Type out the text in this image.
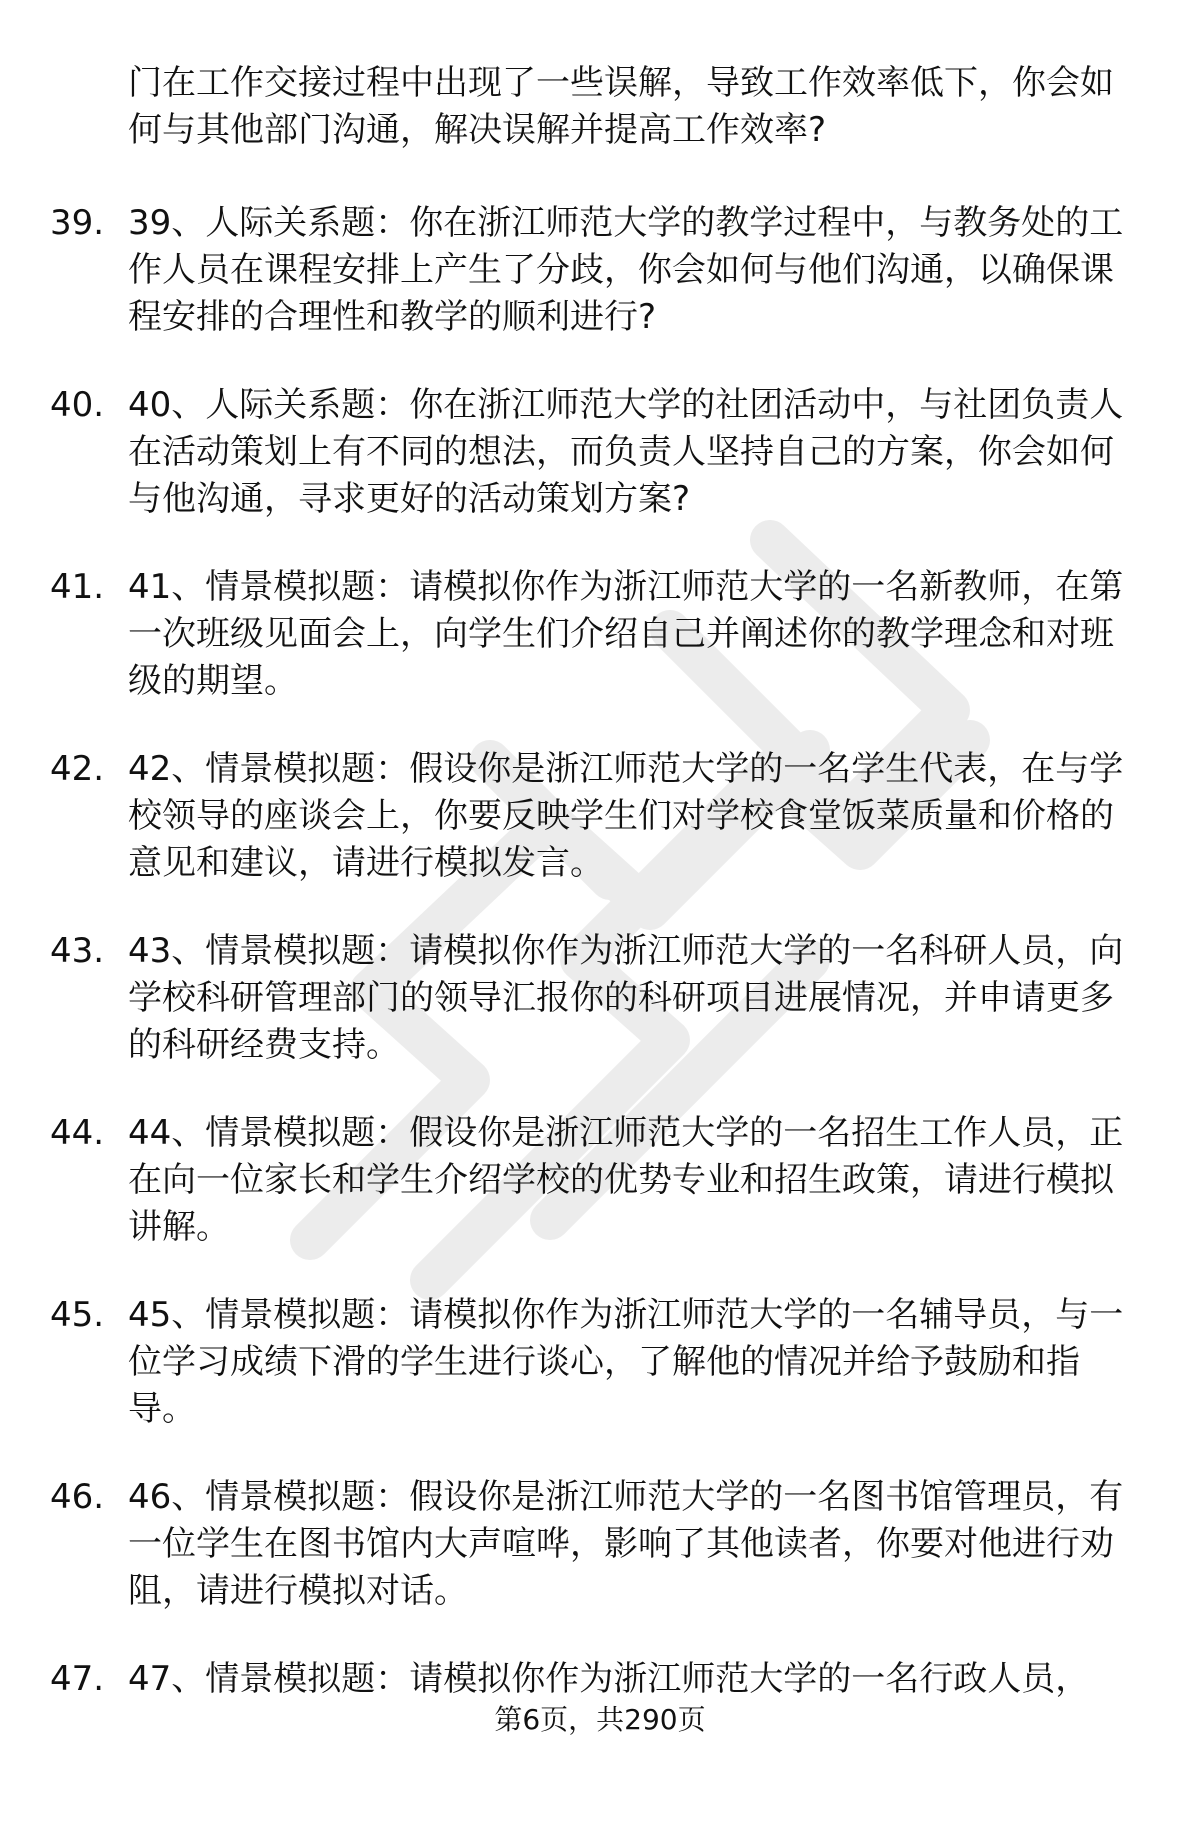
门在工作交接过程中出现了一些误解，导致工作效率低下，你会如何与其他部门沟通，解决误解并提高工作效率?
39. 39、人际关系题：你在浙江师范大学的教学过程中，与教务处的工作人员在课程安排上产生了分歧，你会如何与他们沟通，以确保课程安排的合理性和教学的顺利进行?
40. 40、人际关系题：你在浙江师范大学的社团活动中，与社团负责人在活动策划上有不同的想法，而负责人坚持自己的方案，你会如何与他沟通，寻求更好的活动策划方案?
41. 41、情景模拟题：请模拟你作为浙江师范大学的一名新教师，在第一次班级见面会上，向学生们介绍自己并阐述你的教学理念和对班级的期望。
42. 42、情景模拟题：假设你是浙江师范大学的一名学生代表，在与学校领导的座谈会上，你要反映学生们对学校食堂饭菜质量和价格的意见和建议，请进行模拟发言。
43. 43、情景模拟题：请模拟你作为浙江师范大学的一名科研人员，向学校科研管理部门的领导汇报你的科研项目进展情况，并申请更多的科研经费支持。
44. 44、情景模拟题：假设你是浙江师范大学的一名招生工作人员，正在向一位家长和学生介绍学校的优势专业和招生政策，请进行模拟讲解。
45. 45、情景模拟题：请模拟你作为浙江师范大学的一名辅导员，与一位学习成绩下滑的学生进行谈心，了解他的情况并给予鼓励和指导。
46. 46、情景模拟题：假设你是浙江师范大学的一名图书馆管理员，有一位学生在图书馆内大声喧哗，影响了其他读者，你要对他进行劝阻，请进行模拟对话。
47. 47、情景模拟题：请模拟你作为浙江师范大学的一名行政人员，
第6页，共290页
